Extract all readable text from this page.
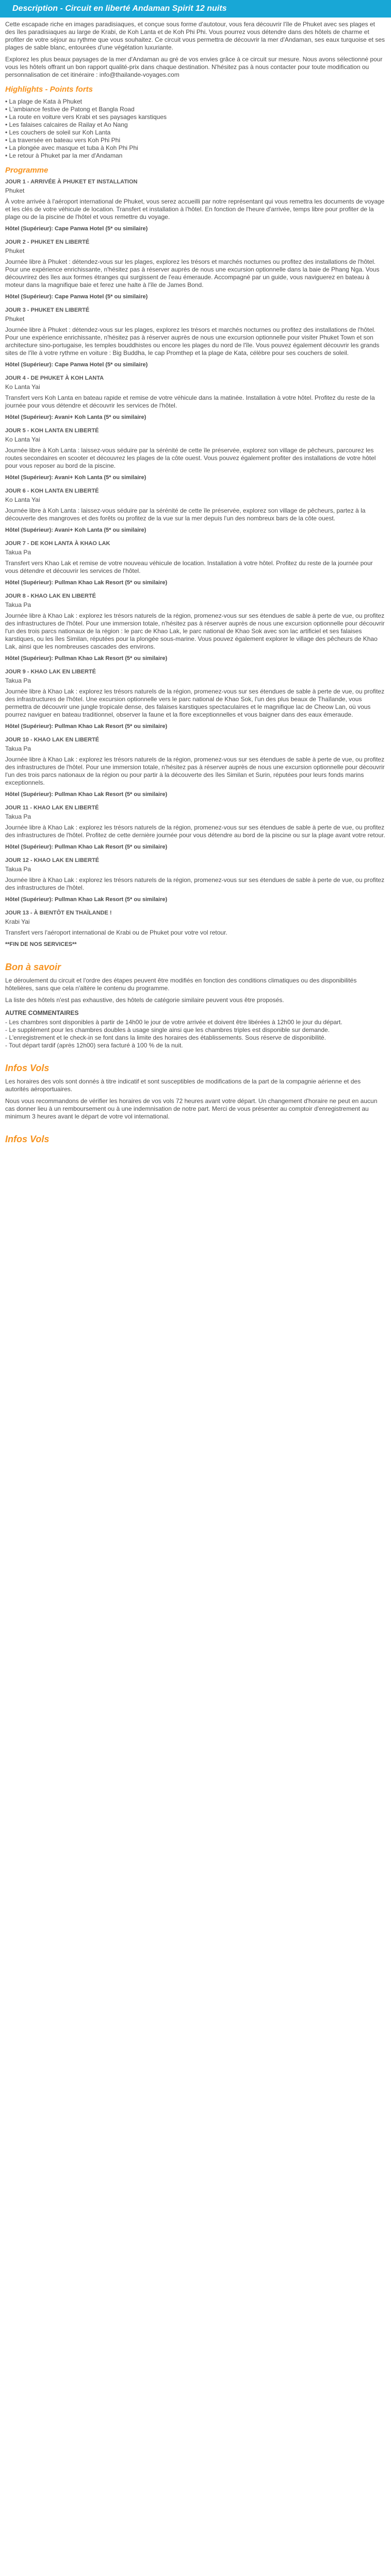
Description - Circuit en liberté Andaman Spirit 12 nuits

Cette escapade riche en images paradisiaques, et conçue sous forme d'autotour, vous fera découvrir l'île de Phuket avec ses plages et des îles paradisiaques au large de Krabi, de Koh Lanta et de Koh Phi Phi. Vous pourrez vous détendre dans des hôtels de charme et profiter de votre séjour au rythme que vous souhaitez. Ce circuit vous permettra de découvrir la mer d'Andaman, ses eaux turquoise et ses plages de sable blanc, entourées d'une végétation luxuriante.

Explorez les plus beaux paysages de la mer d'Andaman au gré de vos envies grâce à ce circuit sur mesure. Nous avons sélectionné pour vous les hôtels offrant un bon rapport qualité-prix dans chaque destination. N'hésitez pas à nous contacter pour toute modification ou personnalisation de cet itinéraire : info@thailande-voyages.com

Highlights - Points forts
• La plage de Kata à Phuket
• L'ambiance festive de Patong et Bangla Road
• La route en voiture vers Krabi et ses paysages karstiques
• Les falaises calcaires de Railay et Ao Nang
• Les couchers de soleil sur Koh Lanta
• La traversée en bateau vers Koh Phi Phi
• La plongée avec masque et tuba à Koh Phi Phi
• Le retour à Phuket par la mer d'Andaman
Programme
JOUR 1 - ARRIVÉE À PHUKET ET INSTALLATION

Phuket

À votre arrivée à l'aéroport international de Phuket, vous serez accueilli par notre représentant qui vous remettra les documents de voyage et les clés de votre véhicule de location. Transfert et installation à l'hôtel. En fonction de l'heure d'arrivée, temps libre pour profiter de la plage ou de la piscine de l'hôtel et vous remettre du voyage.

Hôtel (Supérieur): Cape Panwa Hotel (5* ou similaire)

JOUR 2 - PHUKET EN LIBERTÉ

Phuket

Journée libre à Phuket : détendez-vous sur les plages, explorez les trésors et marchés nocturnes ou profitez des installations de l'hôtel. Pour une expérience enrichissante, n'hésitez pas à réserver auprès de nous une excursion optionnelle dans la baie de Phang Nga. Vous découvrirez des îles aux formes étranges qui surgissent de l'eau émeraude. Accompagné par un guide, vous naviguerez en bateau à moteur dans la magnifique baie et ferez une halte à l'île de James Bond.

Hôtel (Supérieur): Cape Panwa Hotel (5* ou similaire)

JOUR 3 - PHUKET EN LIBERTÉ

Phuket

Journée libre à Phuket : détendez-vous sur les plages, explorez les trésors et marchés nocturnes ou profitez des installations de l'hôtel. Pour une expérience enrichissante, n'hésitez pas à réserver auprès de nous une excursion optionnelle pour visiter Phuket Town et son architecture sino-portugaise, les temples bouddhistes ou encore les plages du nord de l'île. Vous pouvez également découvrir les grands sites de l'île à votre rythme en voiture : Big Buddha, le cap Promthep et la plage de Kata, célèbre pour ses couchers de soleil.

Hôtel (Supérieur): Cape Panwa Hotel (5* ou similaire)

JOUR 4 - DE PHUKET À KOH LANTA

Ko Lanta Yai

Transfert vers Koh Lanta en bateau rapide et remise de votre véhicule dans la matinée. Installation à votre hôtel. Profitez du reste de la journée pour vous détendre et découvrir les services de l'hôtel.

Hôtel (Supérieur): Avani+ Koh Lanta (5* ou similaire)

JOUR 5 - KOH LANTA EN LIBERTÉ

Ko Lanta Yai

Journée libre à Koh Lanta : laissez-vous séduire par la sérénité de cette île préservée, explorez son village de pêcheurs, parcourez les routes secondaires en scooter et découvrez les plages de la côte ouest. Vous pouvez également profiter des installations de votre hôtel pour vous reposer au bord de la piscine.

Hôtel (Supérieur): Avani+ Koh Lanta (5* ou similaire)

JOUR 6 - KOH LANTA EN LIBERTÉ

Ko Lanta Yai

Journée libre à Koh Lanta : laissez-vous séduire par la sérénité de cette île préservée, explorez son village de pêcheurs, partez à la découverte des mangroves et des forêts ou profitez de la vue sur la mer depuis l'un des nombreux bars de la côte ouest.

Hôtel (Supérieur): Avani+ Koh Lanta (5* ou similaire)

JOUR 7 - DE KOH LANTA À KHAO LAK

Takua Pa

Transfert vers Khao Lak et remise de votre nouveau véhicule de location. Installation à votre hôtel. Profitez du reste de la journée pour vous détendre et découvrir les services de l'hôtel.

Hôtel (Supérieur): Pullman Khao Lak Resort (5* ou similaire)

JOUR 8 - KHAO LAK EN LIBERTÉ

Takua Pa

Journée libre à Khao Lak : explorez les trésors naturels de la région, promenez-vous sur ses étendues de sable à perte de vue, ou profitez des infrastructures de l'hôtel. Pour une immersion totale, n'hésitez pas à réserver auprès de nous une excursion optionnelle pour découvrir l'un des trois parcs nationaux de la région : le parc de Khao Lak, le parc national de Khao Sok avec son lac artificiel et ses falaises karstiques, ou les îles Similan, réputées pour la plongée sous-marine. Vous pouvez également explorer le village des pêcheurs de Khao Lak, ainsi que les nombreuses cascades des environs.

Hôtel (Supérieur): Pullman Khao Lak Resort (5* ou similaire)

JOUR 9 - KHAO LAK EN LIBERTÉ

Takua Pa

Journée libre à Khao Lak : explorez les trésors naturels de la région, promenez-vous sur ses étendues de sable à perte de vue, ou profitez des infrastructures de l'hôtel. Une excursion optionnelle vers le parc national de Khao Sok, l'un des plus beaux de Thaïlande, vous permettra de découvrir une jungle tropicale dense, des falaises karstiques spectaculaires et le magnifique lac de Cheow Lan, où vous pourrez naviguer en bateau traditionnel, observer la faune et la flore exceptionnelles et vous baigner dans des eaux émeraude.

Hôtel (Supérieur): Pullman Khao Lak Resort (5* ou similaire)

JOUR 10 - KHAO LAK EN LIBERTÉ

Takua Pa

Journée libre à Khao Lak : explorez les trésors naturels de la région, promenez-vous sur ses étendues de sable à perte de vue, ou profitez des infrastructures de l'hôtel. Pour une immersion totale, n'hésitez pas à réserver auprès de nous une excursion optionnelle pour découvrir l'un des trois parcs nationaux de la région ou pour partir à la découverte des îles Similan et Surin, réputées pour leurs fonds marins exceptionnels.

Hôtel (Supérieur): Pullman Khao Lak Resort (5* ou similaire)

JOUR 11 - KHAO LAK EN LIBERTÉ

Takua Pa

Journée libre à Khao Lak : explorez les trésors naturels de la région, promenez-vous sur ses étendues de sable à perte de vue, ou profitez des infrastructures de l'hôtel. Profitez de cette dernière journée pour vous détendre au bord de la piscine ou sur la plage avant votre retour.

Hôtel (Supérieur): Pullman Khao Lak Resort (5* ou similaire)

JOUR 12 - KHAO LAK EN LIBERTÉ

Takua Pa

Journée libre à Khao Lak : explorez les trésors naturels de la région, promenez-vous sur ses étendues de sable à perte de vue, ou profitez des infrastructures de l'hôtel.

Hôtel (Supérieur): Pullman Khao Lak Resort (5* ou similaire)

JOUR 13 - À BIENTÔT EN THAÏLANDE !

Krabi Yai

Transfert vers l'aéroport international de Krabi ou de Phuket pour votre vol retour.

**FIN DE NOS SERVICES**

Bon à savoir

Le déroulement du circuit et l'ordre des étapes peuvent être modifiés en fonction des conditions climatiques ou des disponibilités hôtelières, sans que cela n'altère le contenu du programme.

La liste des hôtels n'est pas exhaustive, des hôtels de catégorie similaire peuvent vous être proposés.

AUTRE COMMENTAIRES
- Les chambres sont disponibles à partir de 14h00 le jour de votre arrivée et doivent être libérées à 12h00 le jour du départ.
- Le supplément pour les chambres doubles à usage single ainsi que les chambres triples est disponible sur demande.
- L'enregistrement et le check-in se font dans la limite des horaires des établissements. Sous réserve de disponibilité.
- Tout départ tardif (après 12h00) sera facturé à 100 % de la nuit.
Infos Vols

Les horaires des vols sont donnés à titre indicatif et sont susceptibles de modifications de la part de la compagnie aérienne et des autorités aéroportuaires.

Nous vous recommandons de vérifier les horaires de vos vols 72 heures avant votre départ. Un changement d'horaire ne peut en aucun cas donner lieu à un remboursement ou à une indemnisation de notre part. Merci de vous présenter au comptoir d'enregistrement au minimum 3 heures avant le départ de votre vol international.

Infos Vols
